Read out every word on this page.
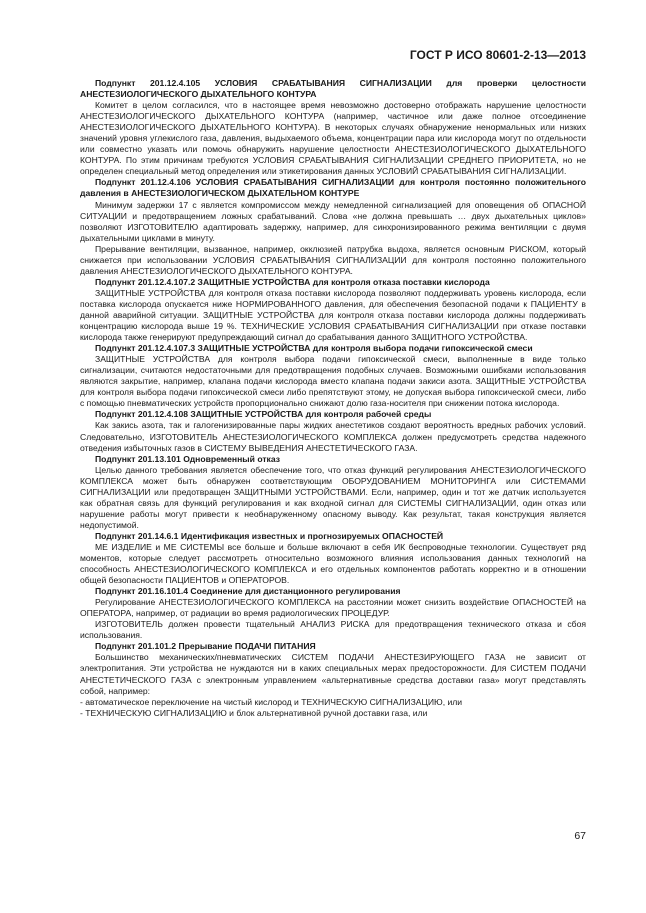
ГОСТ Р ИСО 80601-2-13—2013

Подпункт 201.12.4.105 УСЛОВИЯ СРАБАТЫВАНИЯ СИГНАЛИЗАЦИИ для проверки целостности АНЕСТЕЗИОЛОГИЧЕСКОГО ДЫХАТЕЛЬНОГО КОНТУРА

Комитет в целом согласился, что в настоящее время невозможно достоверно отображать нарушение целостности АНЕСТЕЗИОЛОГИЧЕСКОГО ДЫХАТЕЛЬНОГО КОНТУРА (например, частичное или даже полное отсоединение АНЕСТЕЗИОЛОГИЧЕСКОГО ДЫХАТЕЛЬНОГО КОНТУРА). В некоторых случаях обнаружение ненормальных или низких значений уровня углекислого газа, давления, выдыхаемого объема, концентрации пара или кислорода могут по отдельности или совместно указать или помочь обнаружить нарушение целостности АНЕСТЕЗИОЛОГИЧЕСКОГО ДЫХАТЕЛЬНОГО КОНТУРА. По этим причинам требуются УСЛОВИЯ СРАБАТЫВАНИЯ СИГНАЛИЗАЦИИ СРЕДНЕГО ПРИОРИТЕТА, но не определен специальный метод определения или этикетирования данных УСЛОВИЙ СРАБАТЫВАНИЯ СИГНАЛИЗАЦИИ.

Подпункт 201.12.4.106 УСЛОВИЯ СРАБАТЫВАНИЯ СИГНАЛИЗАЦИИ для контроля постоянно положительного давления в АНЕСТЕЗИОЛОГИЧЕСКОМ ДЫХАТЕЛЬНОМ КОНТУРЕ

Минимум задержки 17 с является компромиссом между немедленной сигнализацией для оповещения об ОПАСНОЙ СИТУАЦИИ и предотвращением ложных срабатываний. Слова «не должна превышать … двух дыхательных циклов» позволяют ИЗГОТОВИТЕЛЮ адаптировать задержку, например, для синхронизированного режима вентиляции с двумя дыхательными циклами в минуту.

Прерывание вентиляции, вызванное, например, окклюзией патрубка выдоха, является основным РИСКОМ, который снижается при использовании УСЛОВИЯ СРАБАТЫВАНИЯ СИГНАЛИЗАЦИИ для контроля постоянно положительного давления АНЕСТЕЗИОЛОГИЧЕСКОГО ДЫХАТЕЛЬНОГО КОНТУРА.

Подпункт 201.12.4.107.2 ЗАЩИТНЫЕ УСТРОЙСТВА для контроля отказа поставки кислорода

ЗАЩИТНЫЕ УСТРОЙСТВА для контроля отказа поставки кислорода позволяют поддерживать уровень кислорода, если поставка кислорода опускается ниже НОРМИРОВАННОГО давления, для обеспечения безопасной подачи к ПАЦИЕНТУ в данной аварийной ситуации. ЗАЩИТНЫЕ УСТРОЙСТВА для контроля отказа поставки кислорода должны поддерживать концентрацию кислорода выше 19 %. ТЕХНИЧЕСКИЕ УСЛОВИЯ СРАБАТЫВАНИЯ СИГНАЛИЗАЦИИ при отказе поставки кислорода также генерируют предупреждающий сигнал до срабатывания данного ЗАЩИТНОГО УСТРОЙСТВА.

Подпункт 201.12.4.107.3 ЗАЩИТНЫЕ УСТРОЙСТВА для контроля выбора подачи гипоксической смеси

ЗАЩИТНЫЕ УСТРОЙСТВА для контроля выбора подачи гипоксической смеси, выполненные в виде только сигнализации, считаются недостаточными для предотвращения подобных случаев. Возможными ошибками использования являются закрытие, например, клапана подачи кислорода вместо клапана подачи закиси азота. ЗАЩИТНЫЕ УСТРОЙСТВА для контроля выбора подачи гипоксической смеси либо препятствуют этому, не допуская выбора гипоксической смеси, либо с помощью пневматических устройств пропорционально снижают долю газа-носителя при снижении потока кислорода.

Подпункт 201.12.4.108 ЗАЩИТНЫЕ УСТРОЙСТВА для контроля рабочей среды

Как закись азота, так и галогенизированные пары жидких анестетиков создают вероятность вредных рабочих условий. Следовательно, ИЗГОТОВИТЕЛЬ АНЕСТЕЗИОЛОГИЧЕСКОГО КОМПЛЕКСА должен предусмотреть средства надежного отведения избыточных газов в СИСТЕМУ ВЫВЕДЕНИЯ АНЕСТЕТИЧЕСКОГО ГАЗА.

Подпункт 201.13.101 Одновременный отказ

Целью данного требования является обеспечение того, что отказ функций регулирования АНЕСТЕЗИОЛОГИЧЕСКОГО КОМПЛЕКСА может быть обнаружен соответствующим ОБОРУДОВАНИЕМ МОНИТОРИНГА или СИСТЕМАМИ СИГНАЛИЗАЦИИ или предотвращен ЗАЩИТНЫМИ УСТРОЙСТВАМИ. Если, например, один и тот же датчик используется как обратная связь для функций регулирования и как входной сигнал для СИСТЕМЫ СИГНАЛИЗАЦИИ, один отказ или нарушение работы могут привести к необнаруженному опасному выводу. Как результат, такая конструкция является недопустимой.

Подпункт 201.14.6.1 Идентификация известных и прогнозируемых ОПАСНОСТЕЙ

МЕ ИЗДЕЛИЕ и МЕ СИСТЕМЫ все больше и больше включают в себя ИК беспроводные технологии. Существует ряд моментов, которые следует рассмотреть относительно возможного влияния использования данных технологий на способность АНЕСТЕЗИОЛОГИЧЕСКОГО КОМПЛЕКСА и его отдельных компонентов работать корректно и в отношении общей безопасности ПАЦИЕНТОВ и ОПЕРАТОРОВ.

Подпункт 201.16.101.4 Соединение для дистанционного регулирования

Регулирование АНЕСТЕЗИОЛОГИЧЕСКОГО КОМПЛЕКСА на расстоянии может снизить воздействие ОПАСНОСТЕЙ на ОПЕРАТОРА, например, от радиации во время радиологических ПРОЦЕДУР.

ИЗГОТОВИТЕЛЬ должен провести тщательный АНАЛИЗ РИСКА для предотвращения технического отказа и сбоя использования.

Подпункт 201.101.2 Прерывание ПОДАЧИ ПИТАНИЯ

Большинство механических/пневматических СИСТЕМ ПОДАЧИ АНЕСТЕЗИРУЮЩЕГО ГАЗА не зависит от электропитания. Эти устройства не нуждаются ни в каких специальных мерах предосторожности. Для СИСТЕМ ПОДАЧИ АНЕСТЕТИЧЕСКОГО ГАЗА с электронным управлением «альтернативные средства доставки газа» могут представлять собой, например:

- автоматическое переключение на чистый кислород и ТЕХНИЧЕСКУЮ СИГНАЛИЗАЦИЮ, или

- ТЕХНИЧЕСКУЮ СИГНАЛИЗАЦИЮ и блок альтернативной ручной доставки газа, или

67
